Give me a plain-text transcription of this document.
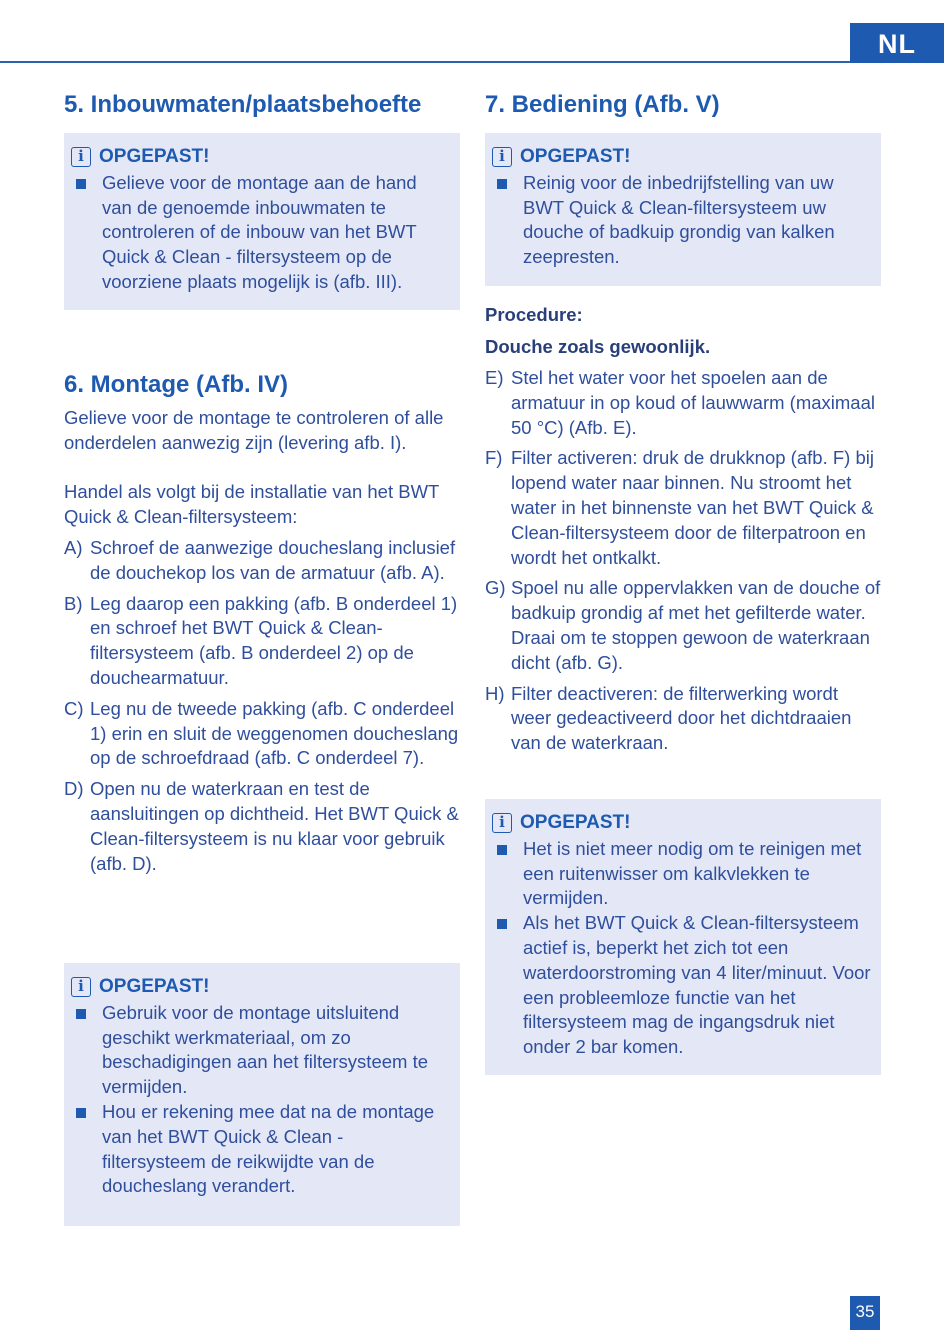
NL
5. Inbouwmaten/plaatsbehoefte
i OPGEPAST!
Gelieve voor de montage aan de hand van de genoemde inbouwmaten te controleren of de inbouw van het BWT Quick & Clean - filtersysteem op de voorziene plaats mogelijk is (afb. III).
6. Montage (Afb. IV)
Gelieve voor de montage te controleren of alle onderdelen aanwezig zijn (levering afb. I).
Handel als volgt bij de installatie van het BWT Quick & Clean-filtersysteem:
A) Schroef de aanwezige doucheslang inclusief de douchekop los van de armatuur (afb. A).
B) Leg daarop een pakking (afb. B onderdeel 1) en schroef het BWT Quick & Clean-filtersysteem (afb. B onderdeel 2) op de douchearmatuur.
C) Leg nu de tweede pakking (afb. C onderdeel 1) erin en sluit de weggenomen doucheslang op de schroefdraad (afb. C onderdeel 7).
D) Open nu de waterkraan en test de aansluitingen op dichtheid. Het BWT Quick & Clean-filtersysteem is nu klaar voor gebruik (afb. D).
i OPGEPAST!
Gebruik voor de montage uitsluitend geschikt werkmateriaal, om zo beschadigingen aan het filtersysteem te vermijden.
Hou er rekening mee dat na de montage van het BWT Quick & Clean - filtersysteem de reikwijdte van de doucheslang verandert.
7. Bediening (Afb. V)
i OPGEPAST!
Reinig voor de inbedrijfstelling van uw BWT Quick & Clean-filtersysteem uw douche of badkuip grondig van kalken zeepresten.
Procedure:
Douche zoals gewoonlijk.
E) Stel het water voor het spoelen aan de armatuur in op koud of lauwwarm (maximaal 50 °C) (Afb. E).
F) Filter activeren: druk de drukknop (afb. F) bij lopend water naar binnen. Nu stroomt het water in het binnenste van het BWT Quick & Clean-filtersysteem door de filterpatroon en wordt het ontkalkt.
G) Spoel nu alle oppervlakken van de douche of badkuip grondig af met het gefilterde water. Draai om te stoppen gewoon de waterkraan dicht (afb. G).
H) Filter deactiveren: de filterwerking wordt weer gedeactiveerd door het dichtdraaien van de waterkraan.
i OPGEPAST!
Het is niet meer nodig om te reinigen met een ruitenwisser om kalkvlekken te vermijden.
Als het BWT Quick & Clean-filtersysteem actief is, beperkt het zich tot een waterdoorstroming van 4 liter/minuut. Voor een probleemloze functie van het filtersysteem mag de ingangsdruk niet onder 2 bar komen.
35
